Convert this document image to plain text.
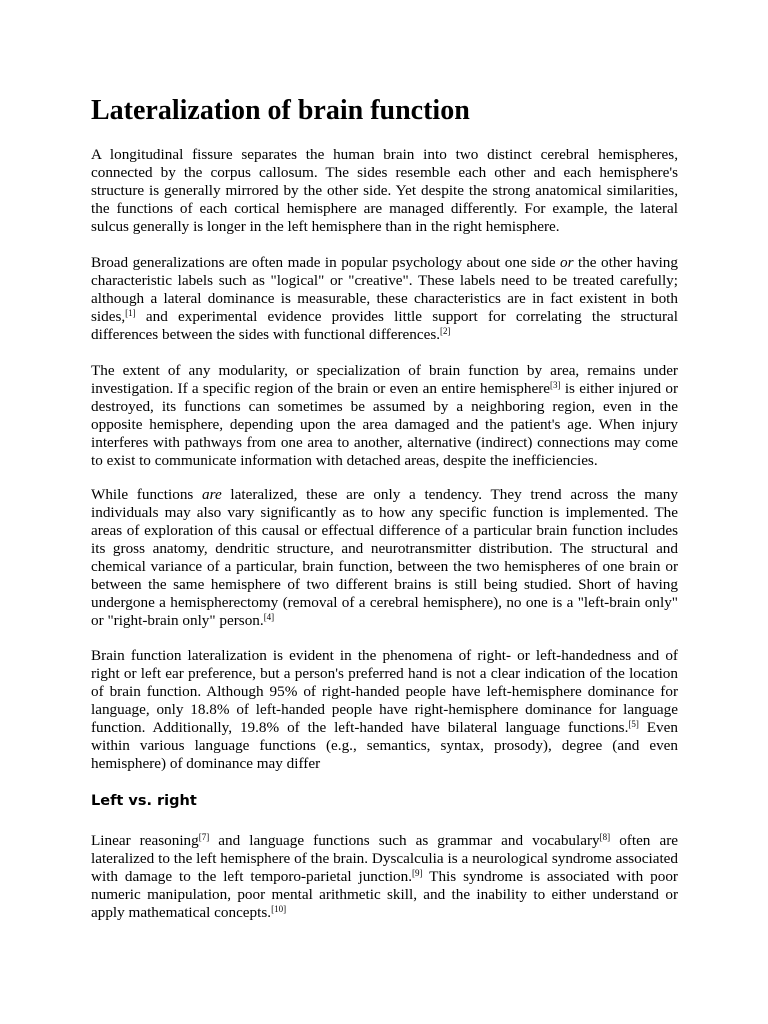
Lateralization of brain function

A longitudinal fissure separates the human brain into two distinct cerebral hemispheres, connected by the corpus callosum. The sides resemble each other and each hemisphere's structure is generally mirrored by the other side. Yet despite the strong anatomical similarities, the functions of each cortical hemisphere are managed differently. For example, the lateral sulcus generally is longer in the left hemisphere than in the right hemisphere.

Broad generalizations are often made in popular psychology about one side or the other having characteristic labels such as "logical" or "creative". These labels need to be treated carefully; although a lateral dominance is measurable, these characteristics are in fact existent in both sides,[1] and experimental evidence provides little support for correlating the structural differences between the sides with functional differences.[2]

The extent of any modularity, or specialization of brain function by area, remains under investigation. If a specific region of the brain or even an entire hemisphere[3] is either injured or destroyed, its functions can sometimes be assumed by a neighboring region, even in the opposite hemisphere, depending upon the area damaged and the patient's age. When injury interferes with pathways from one area to another, alternative (indirect) connections may come to exist to communicate information with detached areas, despite the inefficiencies.

While functions are lateralized, these are only a tendency. They trend across the many individuals may also vary significantly as to how any specific function is implemented. The areas of exploration of this causal or effectual difference of a particular brain function includes its gross anatomy, dendritic structure, and neurotransmitter distribution. The structural and chemical variance of a particular, brain function, between the two hemispheres of one brain or between the same hemisphere of two different brains is still being studied. Short of having undergone a hemispherectomy (removal of a cerebral hemisphere), no one is a "left-brain only" or "right-brain only" person.[4]

Brain function lateralization is evident in the phenomena of right- or left-handedness and of right or left ear preference, but a person's preferred hand is not a clear indication of the location of brain function. Although 95% of right-handed people have left-hemisphere dominance for language, only 18.8% of left-handed people have right-hemisphere dominance for language function. Additionally, 19.8% of the left-handed have bilateral language functions.[5] Even within various language functions (e.g., semantics, syntax, prosody), degree (and even hemisphere) of dominance may differ

Left vs. right

Linear reasoning[7] and language functions such as grammar and vocabulary[8] often are lateralized to the left hemisphere of the brain. Dyscalculia is a neurological syndrome associated with damage to the left temporo-parietal junction.[9] This syndrome is associated with poor numeric manipulation, poor mental arithmetic skill, and the inability to either understand or apply mathematical concepts.[10]
